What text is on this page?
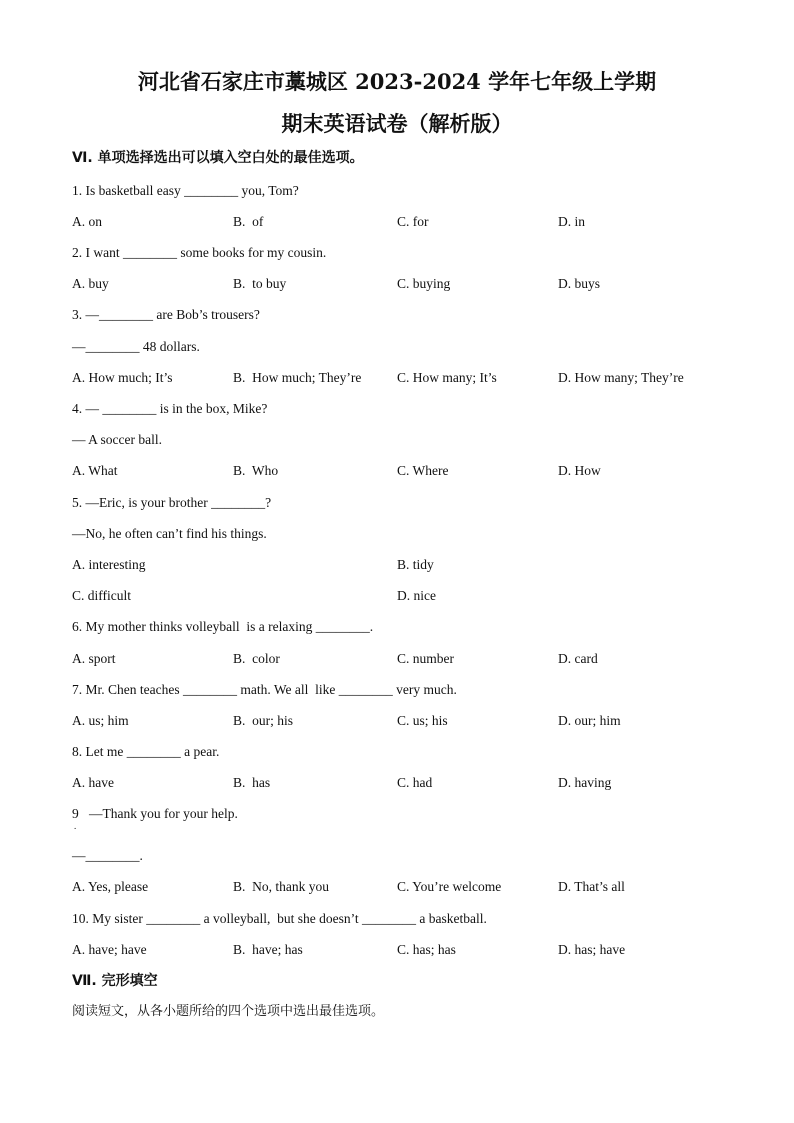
河北省石家庄市藁城区 2023-2024 学年七年级上学期
期末英语试卷（解析版）
Ⅵ. 单项选择选出可以填入空白处的最佳选项。
1. Is basketball easy ________ you, Tom?
A. on	B.  of	C. for	D. in
2. I want ________ some books for my cousin.
A. buy	B.  to buy	C. buying	D. buys
3. —________ are Bob’s trousers?
—________ 48 dollars.
A. How much; It’s	B.  How much; They’re	C. How many; It’s	D. How many; They’re
4. — ________ is in the box, Mike?
— A soccer ball.
A. What	B.  Who	C. Where	D. How
5. —Eric, is your brother ________?
—No, he often can’t find his things.
A. interesting	B. tidy
C. difficult	D. nice
6. My mother thinks volleyball  is a relaxing ________.
A. sport	B.  color	C. number	D. card
7. Mr. Chen teaches ________ math. We all  like ________ very much.
A. us; him	B.  our; his	C. us; his	D. our; him
8. Let me ________ a pear.
A. have	B.  has	C. had	D. having
9
.
—Thank you for your help.
—________.
A. Yes, please	B.  No, thank you	C. You’re welcome	D. That’s all
10. My sister ________ a volleyball,  but she doesn’t ________ a basketball.
A. have; have	B.  have; has	C. has; has	D. has; have
Ⅶ. 完形填空
阅读短文，从各小题所给的四个选项中选出最佳选项。
